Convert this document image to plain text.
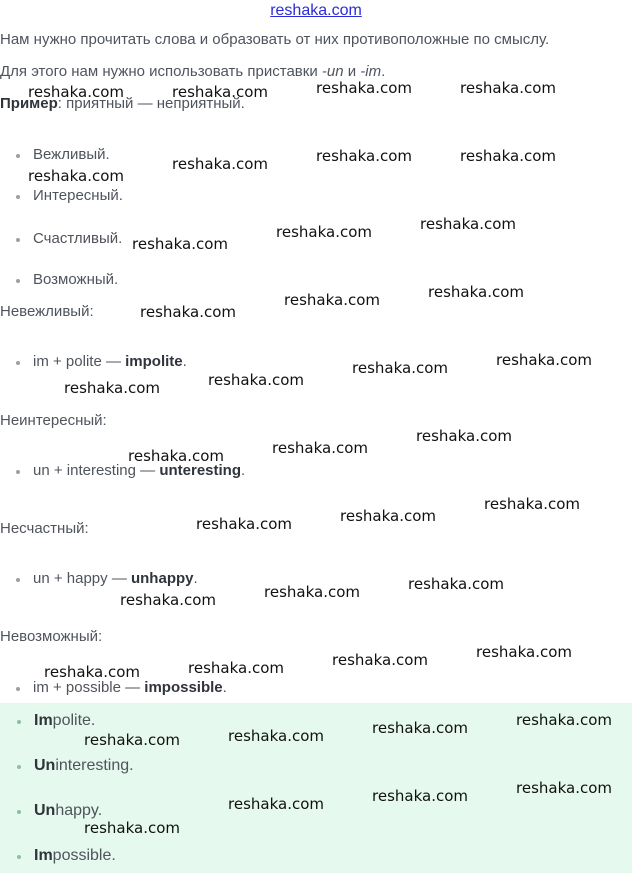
reshaka.com
Нам нужно прочитать слова и образовать от них противоположные по смыслу.
Для этого нам нужно использовать приставки -un и -im.
Пример: приятный — неприятный.
Вежливый.
Интересный.
Счастливый.
Возможный.
Невежливый:
im + polite — impolite.
Неинтересный:
un + interesting — unteresting.
Несчастный:
un + happy — unhappy.
Невозможный:
im + possible — impossible.
Impolite.
Uninteresting.
Unhappy.
Impossible.
reshaka.com	reshaka.com	reshaka.com	reshaka.com
reshaka.com	reshaka.com	reshaka.com
reshaka.com
reshaka.com
reshaka.com
reshaka.com
reshaka.com
reshaka.com
reshaka.com
reshaka.com
reshaka.com
reshaka.com
reshaka.com
reshaka.com
reshaka.com
reshaka.com
reshaka.com
reshaka.com
reshaka.com
reshaka.com
reshaka.com
reshaka.com
reshaka.com
reshaka.com
reshaka.com
reshaka.com
reshaka.com
reshaka.com
reshaka.com
reshaka.com
reshaka.com
reshaka.com
reshaka.com
reshaka.com
